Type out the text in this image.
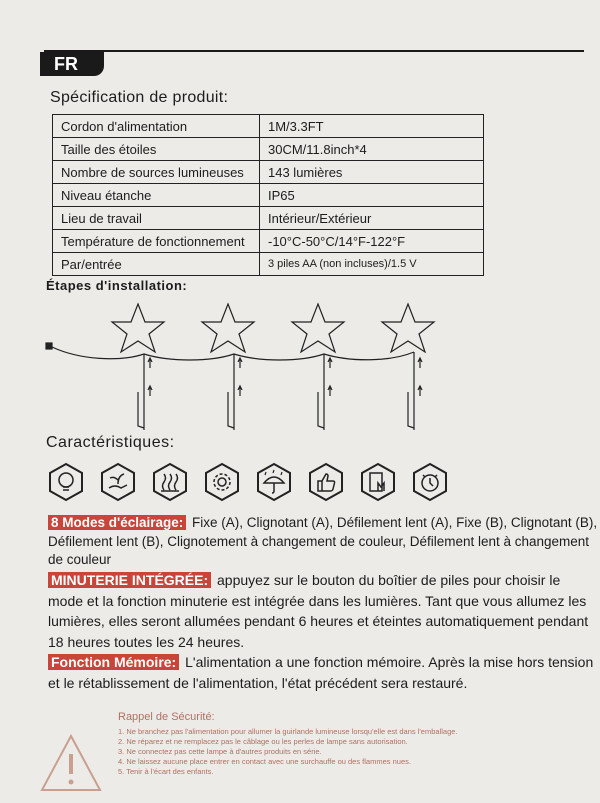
FR
Spécification de produit:
Cordon d'alimentation	1M/3.3FT
Taille des étoiles	30CM/11.8inch*4
Nombre de sources lumineuses	143 lumières
Niveau étanche	IP65
Lieu de travail	Intérieur/Extérieur
Température de fonctionnement	-10°C-50°C/14°F-122°F
Par/entrée	3 piles AA (non incluses)/1.5 V
Étapes d'installation:
Caractéristiques:
8 Modes d'éclairage: Fixe (A), Clignotant (A), Défilement lent (A), Fixe (B), Clignotant (B), Défilement lent (B), Clignotement à changement de couleur, Défilement lent à changement de couleur
MINUTERIE INTÉGRÉE: appuyez sur le bouton du boîtier de piles pour choisir le mode et la fonction minuterie est intégrée dans les lumières. Tant que vous allumez les lumières, elles seront allumées pendant 6 heures et éteintes automatiquement pendant 18 heures toutes les 24 heures.
Fonction Mémoire: L'alimentation a une fonction mémoire. Après la mise hors tension et le rétablissement de l'alimentation, l'état précédent sera restauré.
Rappel de Sécurité:
1. Ne branchez pas l'alimentation pour allumer la guirlande lumineuse lorsqu'elle est dans l'emballage.
2. Ne réparez et ne remplacez pas le câblage ou les perles de lampe sans autorisation.
3. Ne connectez pas cette lampe à d'autres produits en série.
4. Ne laissez aucune place entrer en contact avec une surchauffe ou des flammes nues.
5. Tenir à l'écart des enfants.
